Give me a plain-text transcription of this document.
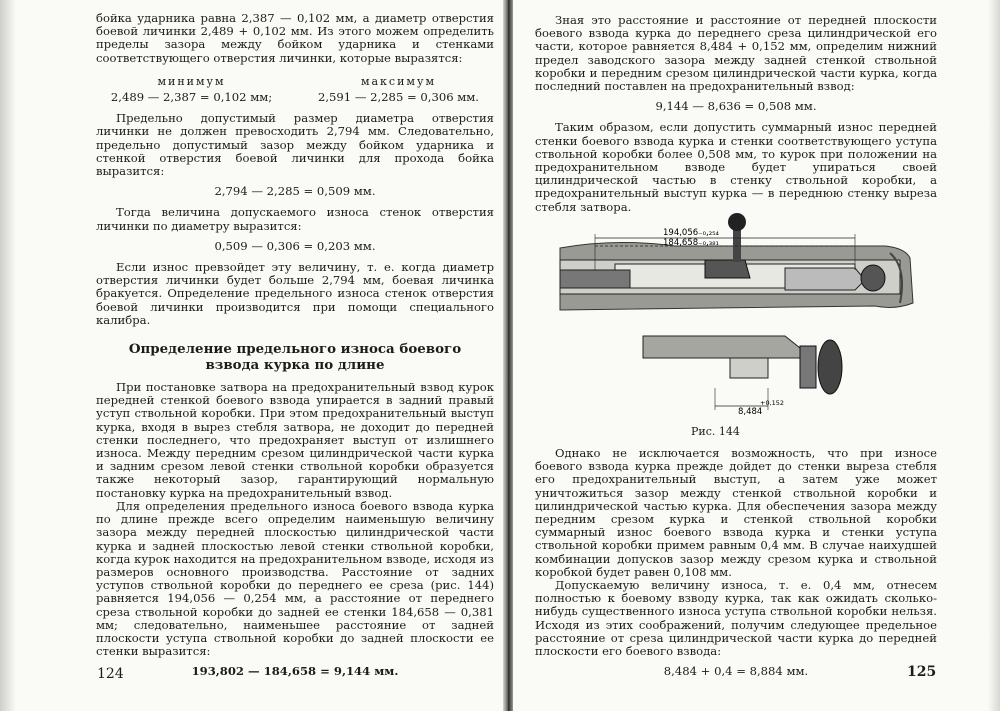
бойка ударника равна 2,387 — 0,102 мм, а диаметр отверстия боевой личинки 2,489 + 0,102 мм. Из этого можем определить пределы зазора между бойком ударника и стенками соответствующего отверстия личинки, которые выразятся:

минимум
2,489 — 2,387 = 0,102 мм;
максимум
2,591 — 2,285 = 0,306 мм.

Предельно допустимый размер диаметра отверстия личинки не должен превосходить 2,794 мм. Следовательно, предельно допустимый зазор между бойком ударника и стенкой отверстия боевой личинки для прохода бойка выразится:

2,794 — 2,285 = 0,509 мм.

Тогда величина допускаемого износа стенок отверстия личинки по диаметру выразится:

0,509 — 0,306 = 0,203 мм.

Если износ превзойдет эту величину, т. е. когда диаметр отверстия личинки будет больше 2,794 мм, боевая личинка бракуется. Определение предельного износа стенок отверстия боевой личинки производится при помощи специального калибра.

Определение предельного износа боевого взвода курка по длине

При постановке затвора на предохранительный взвод курок передней стенкой боевого взвода упирается в задний правый уступ ствольной коробки. При этом предохранительный выступ курка, входя в вырез стебля затвора, не доходит до передней стенки последнего, что предохраняет выступ от излишнего износа. Между передним срезом цилиндрической части курка и задним срезом левой стенки ствольной коробки образуется также некоторый зазор, гарантирующий нормальную постановку курка на предохранительный взвод.

Для определения предельного износа боевого взвода курка по длине прежде всего определим наименьшую величину зазора между передней плоскостью цилиндрической части курка и задней плоскостью левой стенки ствольной коробки, когда курок находится на предохранительном взводе, исходя из размеров основного производства. Расстояние от задних уступов ствольной коробки до переднего ее среза (рис. 144) равняется 194,056 — 0,254 мм, а расстояние от переднего среза ствольной коробки до задней ее стенки 184,658 — 0,381 мм; следовательно, наименьшее расстояние от задней плоскости уступа ствольной коробки до задней плоскости ее стенки выразится:

193,802 — 184,658 = 9,144 мм.

124

Зная это расстояние и расстояние от передней плоскости боевого взвода курка до переднего среза цилиндрической его части, которое равняется 8,484 + 0,152 мм, определим нижний предел заводского зазора между задней стенкой ствольной коробки и передним срезом цилиндрической части курка, когда последний поставлен на предохранительный взвод:

9,144 — 8,636 = 0,508 мм.

Таким образом, если допустить суммарный износ передней стенки боевого взвода курка и стенки соответствующего уступа ствольной коробки более 0,508 мм, то курок при положении на предохранительном взводе будет упираться своей цилиндрической частью в стенку ствольной коробки, а предохранительный выступ курка — в переднюю стенку выреза стебля затвора.

194,056₋₀,₂₅₄
184,658₋₀,₃₈₁
8,484
+0,152
Рис. 144

Однако не исключается возможность, что при износе боевого взвода курка прежде дойдет до стенки выреза стебля его предохранительный выступ, а затем уже может уничтожиться зазор между стенкой ствольной коробки и цилиндрической частью курка. Для обеспечения зазора между передним срезом курка и стенкой ствольной коробки суммарный износ боевого взвода курка и стенки уступа ствольной коробки примем равным 0,4 мм. В случае наихудшей комбинации допусков зазор между срезом курка и ствольной коробкой будет равен 0,108 мм.

Допускаемую величину износа, т. е. 0,4 мм, отнесем полностью к боевому взводу курка, так как ожидать сколько-нибудь существенного износа уступа ствольной коробки нельзя. Исходя из этих соображений, получим следующее предельное расстояние от среза цилиндрической части курка до передней плоскости его боевого взвода:

8,484 + 0,4 = 8,884 мм.	125
